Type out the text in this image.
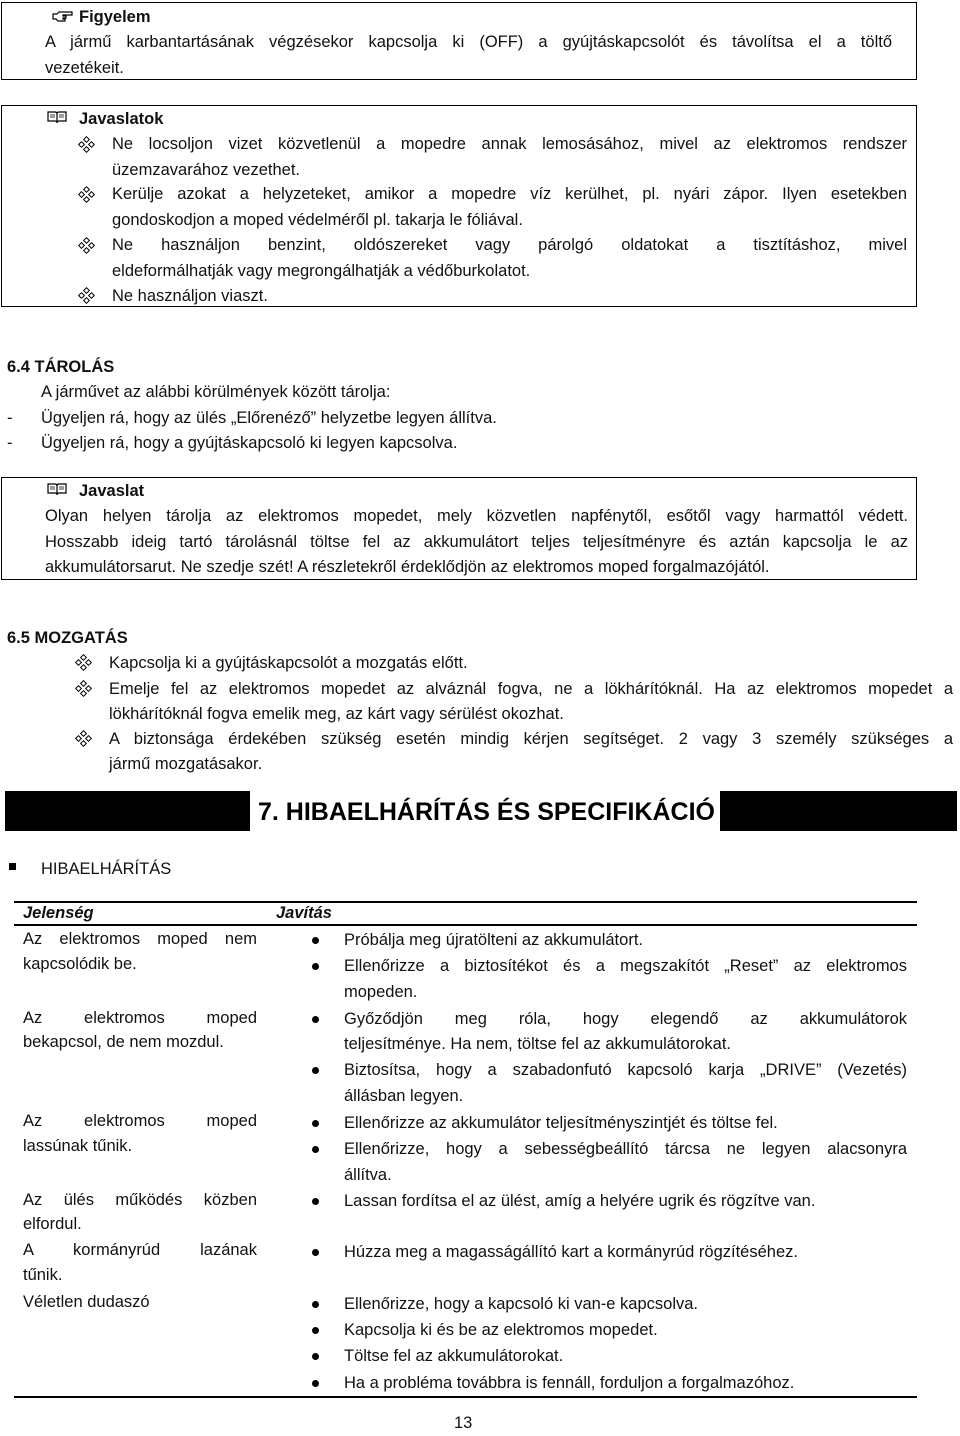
Figyelem
A jármű karbantartásának végzésekor kapcsolja ki (OFF) a gyújtáskapcsolót és távolítsa el a töltő
vezetékeit.
Javaslatok
Ne locsoljon vizet közvetlenül a mopedre annak lemosásához, mivel az elektromos rendszer
üzemzavarához vezethet.
Kerülje azokat a helyzeteket, amikor a mopedre víz kerülhet, pl. nyári zápor. Ilyen esetekben
gondoskodjon a moped védelméről pl. takarja le fóliával.
Ne használjon benzint, oldószereket vagy párolgó oldatokat a tisztításhoz, mivel
eldeformálhatják vagy megrongálhatják a védőburkolatot.
Ne használjon viaszt.
6.4 TÁROLÁS
A járművet az alábbi körülmények között tárolja:
- Ügyeljen rá, hogy az ülés „Előrenéző” helyzetbe legyen állítva.
- Ügyeljen rá, hogy a gyújtáskapcsoló ki legyen kapcsolva.
Javaslat
Olyan helyen tárolja az elektromos mopedet, mely közvetlen napfénytől, esőtől vagy harmattól védett.
Hosszabb ideig tartó tárolásnál töltse fel az akkumulátort teljes teljesítményre és aztán kapcsolja le az
akkumulátorsarut. Ne szedje szét! A részletekről érdeklődjön az elektromos moped forgalmazójától.
6.5 MOZGATÁS
Kapcsolja ki a gyújtáskapcsolót a mozgatás előtt.
Emelje fel az elektromos mopedet az alváznál fogva, ne a lökhárítóknál. Ha az elektromos mopedet a
lökhárítóknál fogva emelik meg, az kárt vagy sérülést okozhat.
A biztonsága érdekében szükség esetén mindig kérjen segítséget. 2 vagy 3 személy szükséges a
jármű mozgatásakor.
7. HIBAELHÁRÍTÁS ÉS SPECIFIKÁCIÓ
HIBAELHÁRÍTÁS
Jelenség	Javítás
Az elektromos moped nem
kapcsolódik be.
Próbálja meg újratölteni az akkumulátort.
Ellenőrizze a biztosítékot és a megszakítót „Reset” az elektromos
mopeden.
Az elektromos moped
bekapcsol, de nem mozdul.
Győződjön meg róla, hogy elegendő az akkumulátorok
teljesítménye. Ha nem, töltse fel az akkumulátorokat.
Biztosítsa, hogy a szabadonfutó kapcsoló karja „DRIVE” (Vezetés)
állásban legyen.
Az elektromos moped
lassúnak tűnik.
Ellenőrizze az akkumulátor teljesítményszintjét és töltse fel.
Ellenőrizze, hogy a sebességbeállító tárcsa ne legyen alacsonyra
állítva.
Az ülés működés közben
elfordul.
Lassan fordítsa el az ülést, amíg a helyére ugrik és rögzítve van.
A kormányrúd lazának
tűnik.
Húzza meg a magasságállító kart a kormányrúd rögzítéséhez.
Véletlen dudaszó	Ellenőrizze, hogy a kapcsoló ki van-e kapcsolva.
Kapcsolja ki és be az elektromos mopedet.
Töltse fel az akkumulátorokat.
Ha a probléma továbbra is fennáll, forduljon a forgalmazóhoz.
13
